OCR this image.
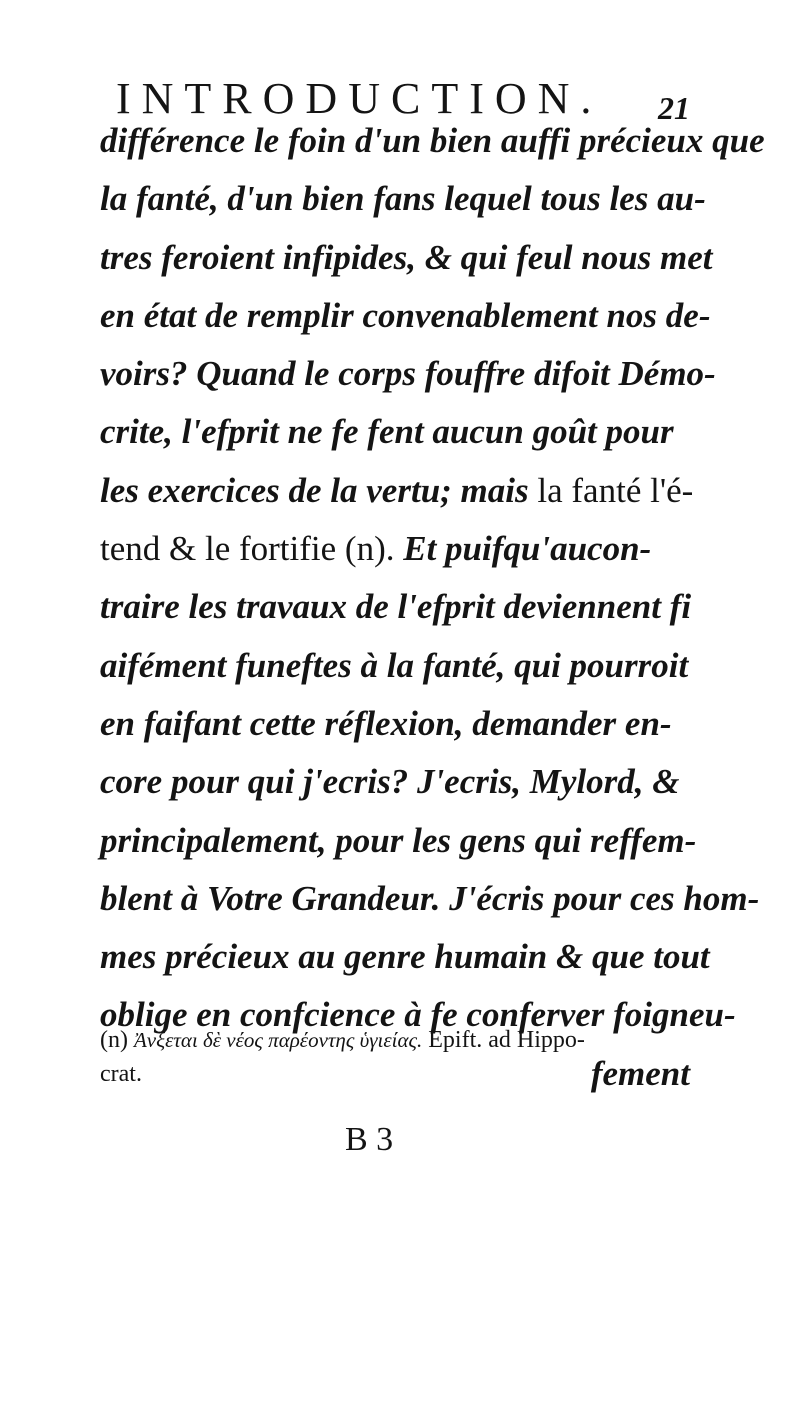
INTRODUCTION. 21
différence le foin d'un bien auffi précieux que
la fanté, d'un bien fans lequel tous les au-
tres feroient infipides, & qui feul nous met
en état de remplir convenablement nos de-
voirs? Quand le corps fouffre difoit Démo-
crite, l'efprit ne fe fent aucun goût pour
les exercices de la vertu; mais la fanté l'é-
tend & le fortifie (n). Et puifqu'aucon-
traire les travaux de l'efprit deviennent fi
aifément funeftes à la fanté, qui pourroit
en faifant cette réflexion, demander en-
core pour qui j'ecris? J'ecris, Mylord, &
principalement, pour les gens qui reffem-
blent à Votre Grandeur. J'écris pour ces hom-
mes précieux au genre humain & que tout
oblige en confcience à fe conferver foigneu-
fement
(n) Ἀνξεται δὲ νέος παρέοντης ὑγιείας. Epift. ad Hippo-
crat.
B 3
